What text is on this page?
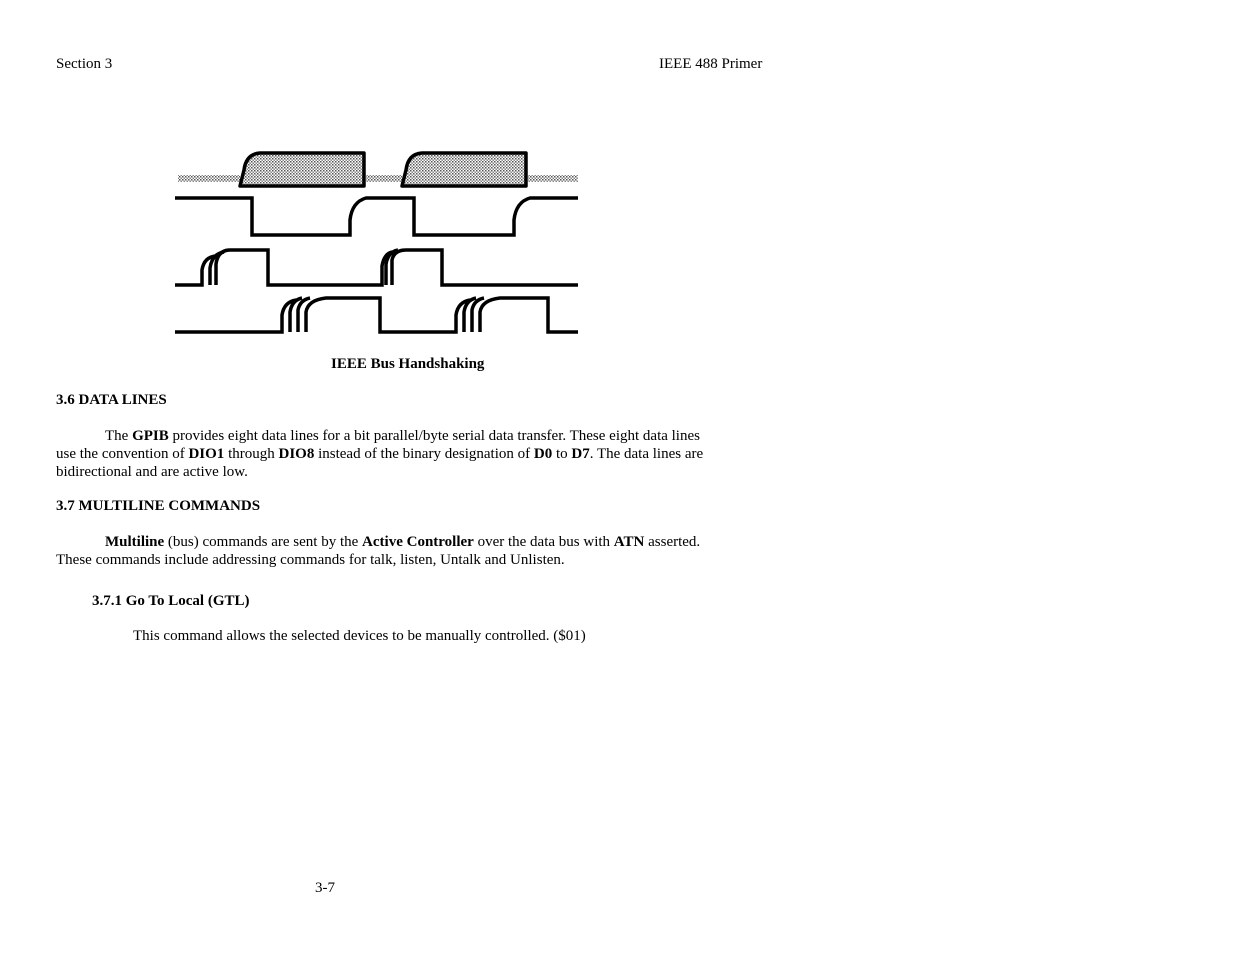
Section 3	IEEE 488 Primer
IEEE Bus Handshaking
3.6 DATA LINES
The GPIB provides eight data lines for a bit parallel/byte serial data transfer. These eight data lines
use the convention of DIO1 through DIO8 instead of the binary designation of D0 to D7. The data lines are
bidirectional and are active low.
3.7 MULTILINE COMMANDS
Multiline (bus) commands are sent by the Active Controller over the data bus with ATN asserted.
These commands include addressing commands for talk, listen, Untalk and Unlisten.
3.7.1 Go To Local (GTL)
This command allows the selected devices to be manually controlled. ($01)
3-7
